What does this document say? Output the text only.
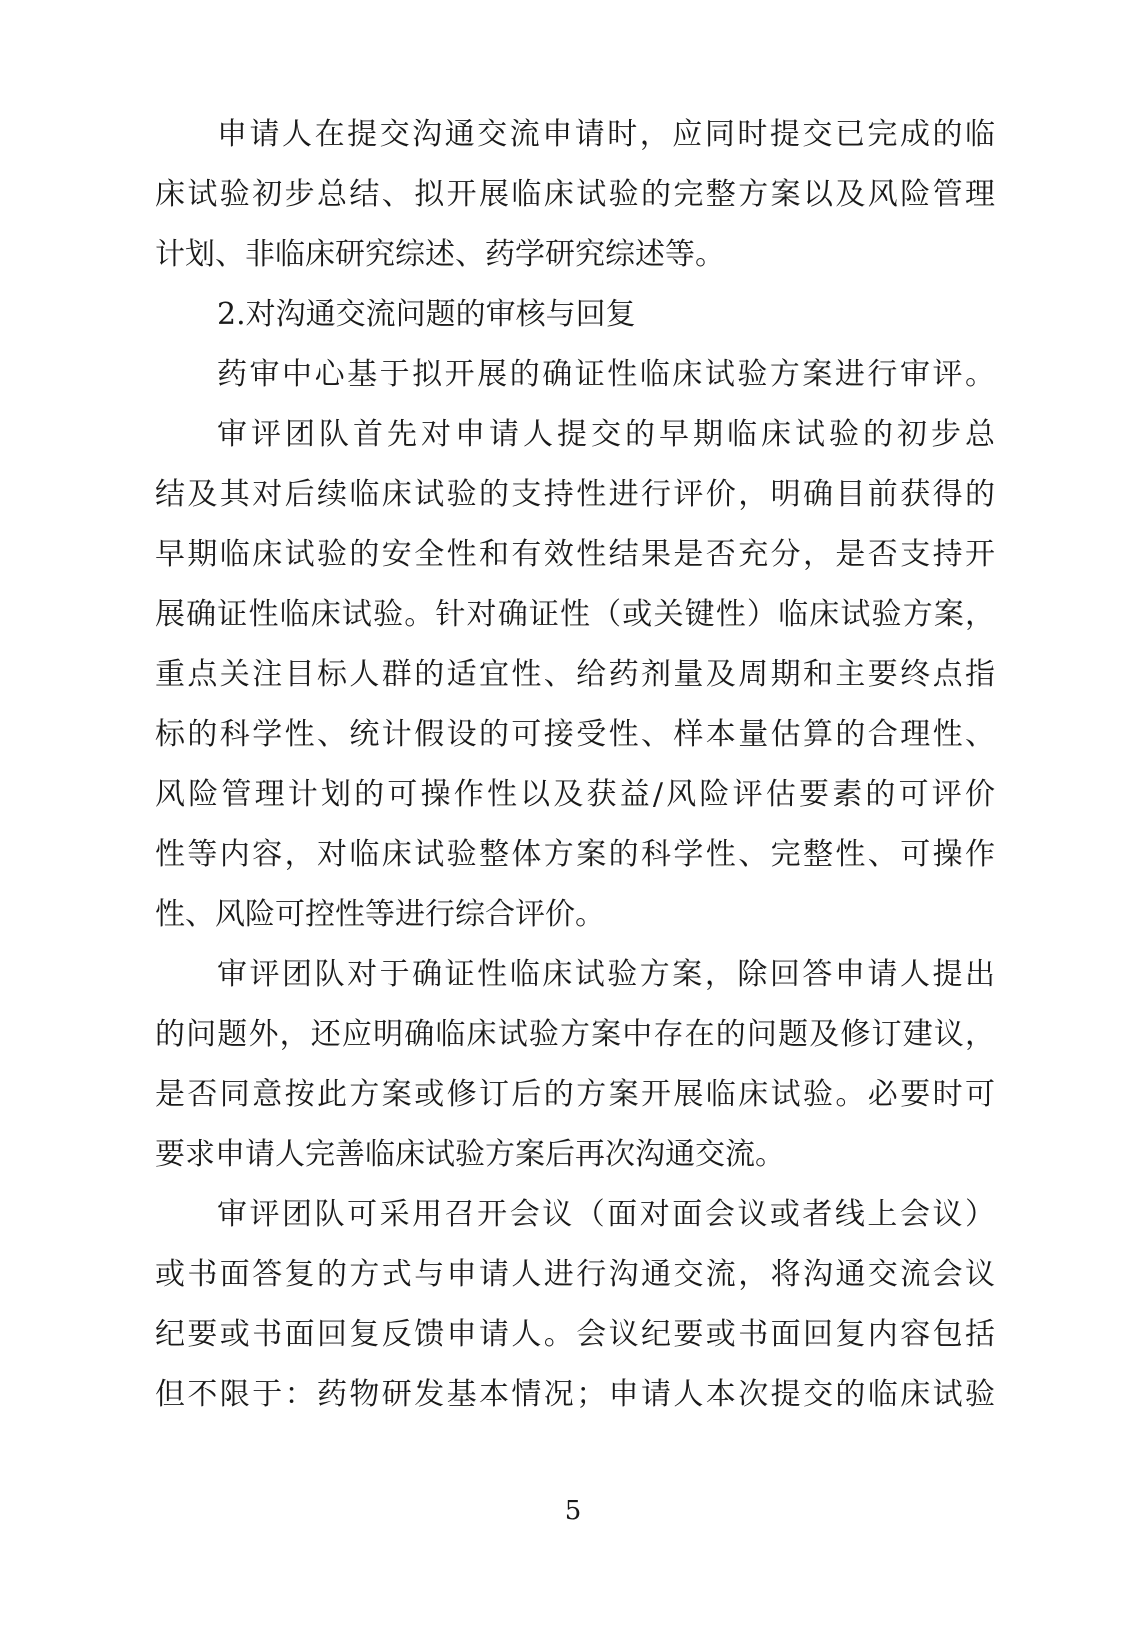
申请人在提交沟通交流申请时，应同时提交已完成的临
床试验初步总结、拟开展临床试验的完整方案以及风险管理
计划、非临床研究综述、药学研究综述等。
2.对沟通交流问题的审核与回复
药审中心基于拟开展的确证性临床试验方案进行审评。
审评团队首先对申请人提交的早期临床试验的初步总
结及其对后续临床试验的支持性进行评价，明确目前获得的
早期临床试验的安全性和有效性结果是否充分，是否支持开
展确证性临床试验。针对确证性（或关键性）临床试验方案，
重点关注目标人群的适宜性、给药剂量及周期和主要终点指
标的科学性、统计假设的可接受性、样本量估算的合理性、
风险管理计划的可操作性以及获益/风险评估要素的可评价
性等内容，对临床试验整体方案的科学性、完整性、可操作
性、风险可控性等进行综合评价。
审评团队对于确证性临床试验方案，除回答申请人提出
的问题外，还应明确临床试验方案中存在的问题及修订建议，
是否同意按此方案或修订后的方案开展临床试验。必要时可
要求申请人完善临床试验方案后再次沟通交流。
审评团队可采用召开会议（面对面会议或者线上会议）
或书面答复的方式与申请人进行沟通交流，将沟通交流会议
纪要或书面回复反馈申请人。会议纪要或书面回复内容包括
但不限于：药物研发基本情况；申请人本次提交的临床试验
5
